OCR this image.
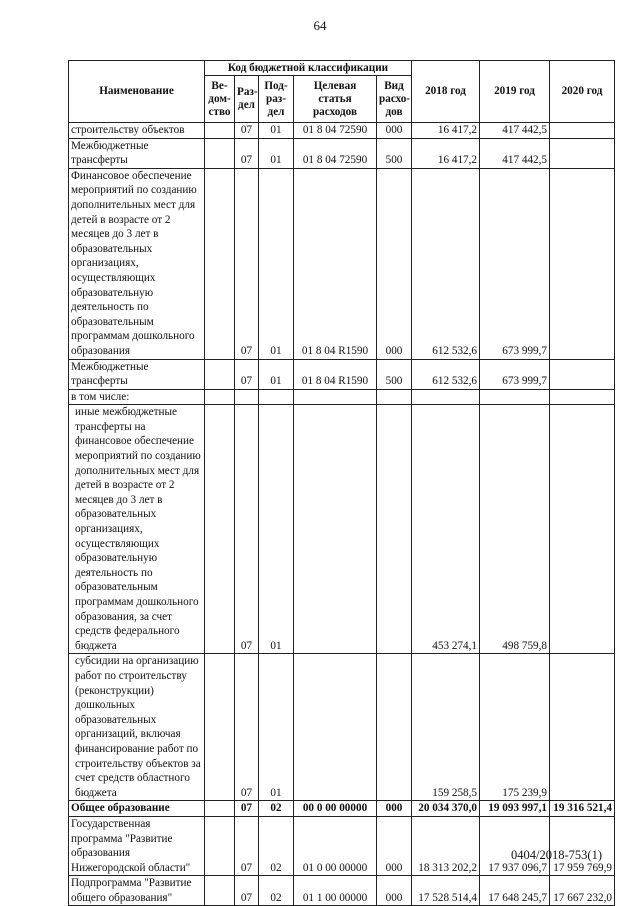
64
Наименование	Код бюджетной классификации					2018 год	2019 год	2020 год
	Ве-дом-ство	Раз-дел	Под-раз-дел	Целевая статья расходов	Вид расхо-дов			
строительству объектов		07	01	01 8 04 72590	000	16 417,2	417 442,5	
Межбюджетные трансферты		07	01	01 8 04 72590	500	16 417,2	417 442,5	
Финансовое обеспечение мероприятий по созданию дополнительных мест для детей в возрасте от 2 месяцев до 3 лет в образовательных организациях, осуществляющих образовательную деятельность по образовательным программам дошкольного образования		07	01	01 8 04 R1590	000	612 532,6	673 999,7	
Межбюджетные трансферты		07	01	01 8 04 R1590	500	612 532,6	673 999,7	
в том числе:								
иные межбюджетные трансферты на финансовое обеспечение мероприятий по созданию дополнительных мест для детей в возрасте от 2 месяцев до 3 лет в образовательных организациях, осуществляющих образовательную деятельность по образовательным программам дошкольного образования, за счет средств федерального бюджета		07	01			453 274,1	498 759,8	
субсидии на организацию работ по строительству (реконструкции) дошкольных образовательных организаций, включая финансирование работ по строительству объектов за счет средств областного бюджета		07	01			159 258,5	175 239,9	
Общее образование		07	02	00 0 00 00000	000	20 034 370,0	19 093 997,1	19 316 521,4
Государственная программа "Развитие образования Нижегородской области"		07	02	01 0 00 00000	000	18 313 202,2	17 937 096,7	17 959 769,9
Подпрограмма "Развитие общего образования"		07	02	01 1 00 00000	000	17 528 514,4	17 648 245,7	17 667 232,0
0404/2018-753(1)
